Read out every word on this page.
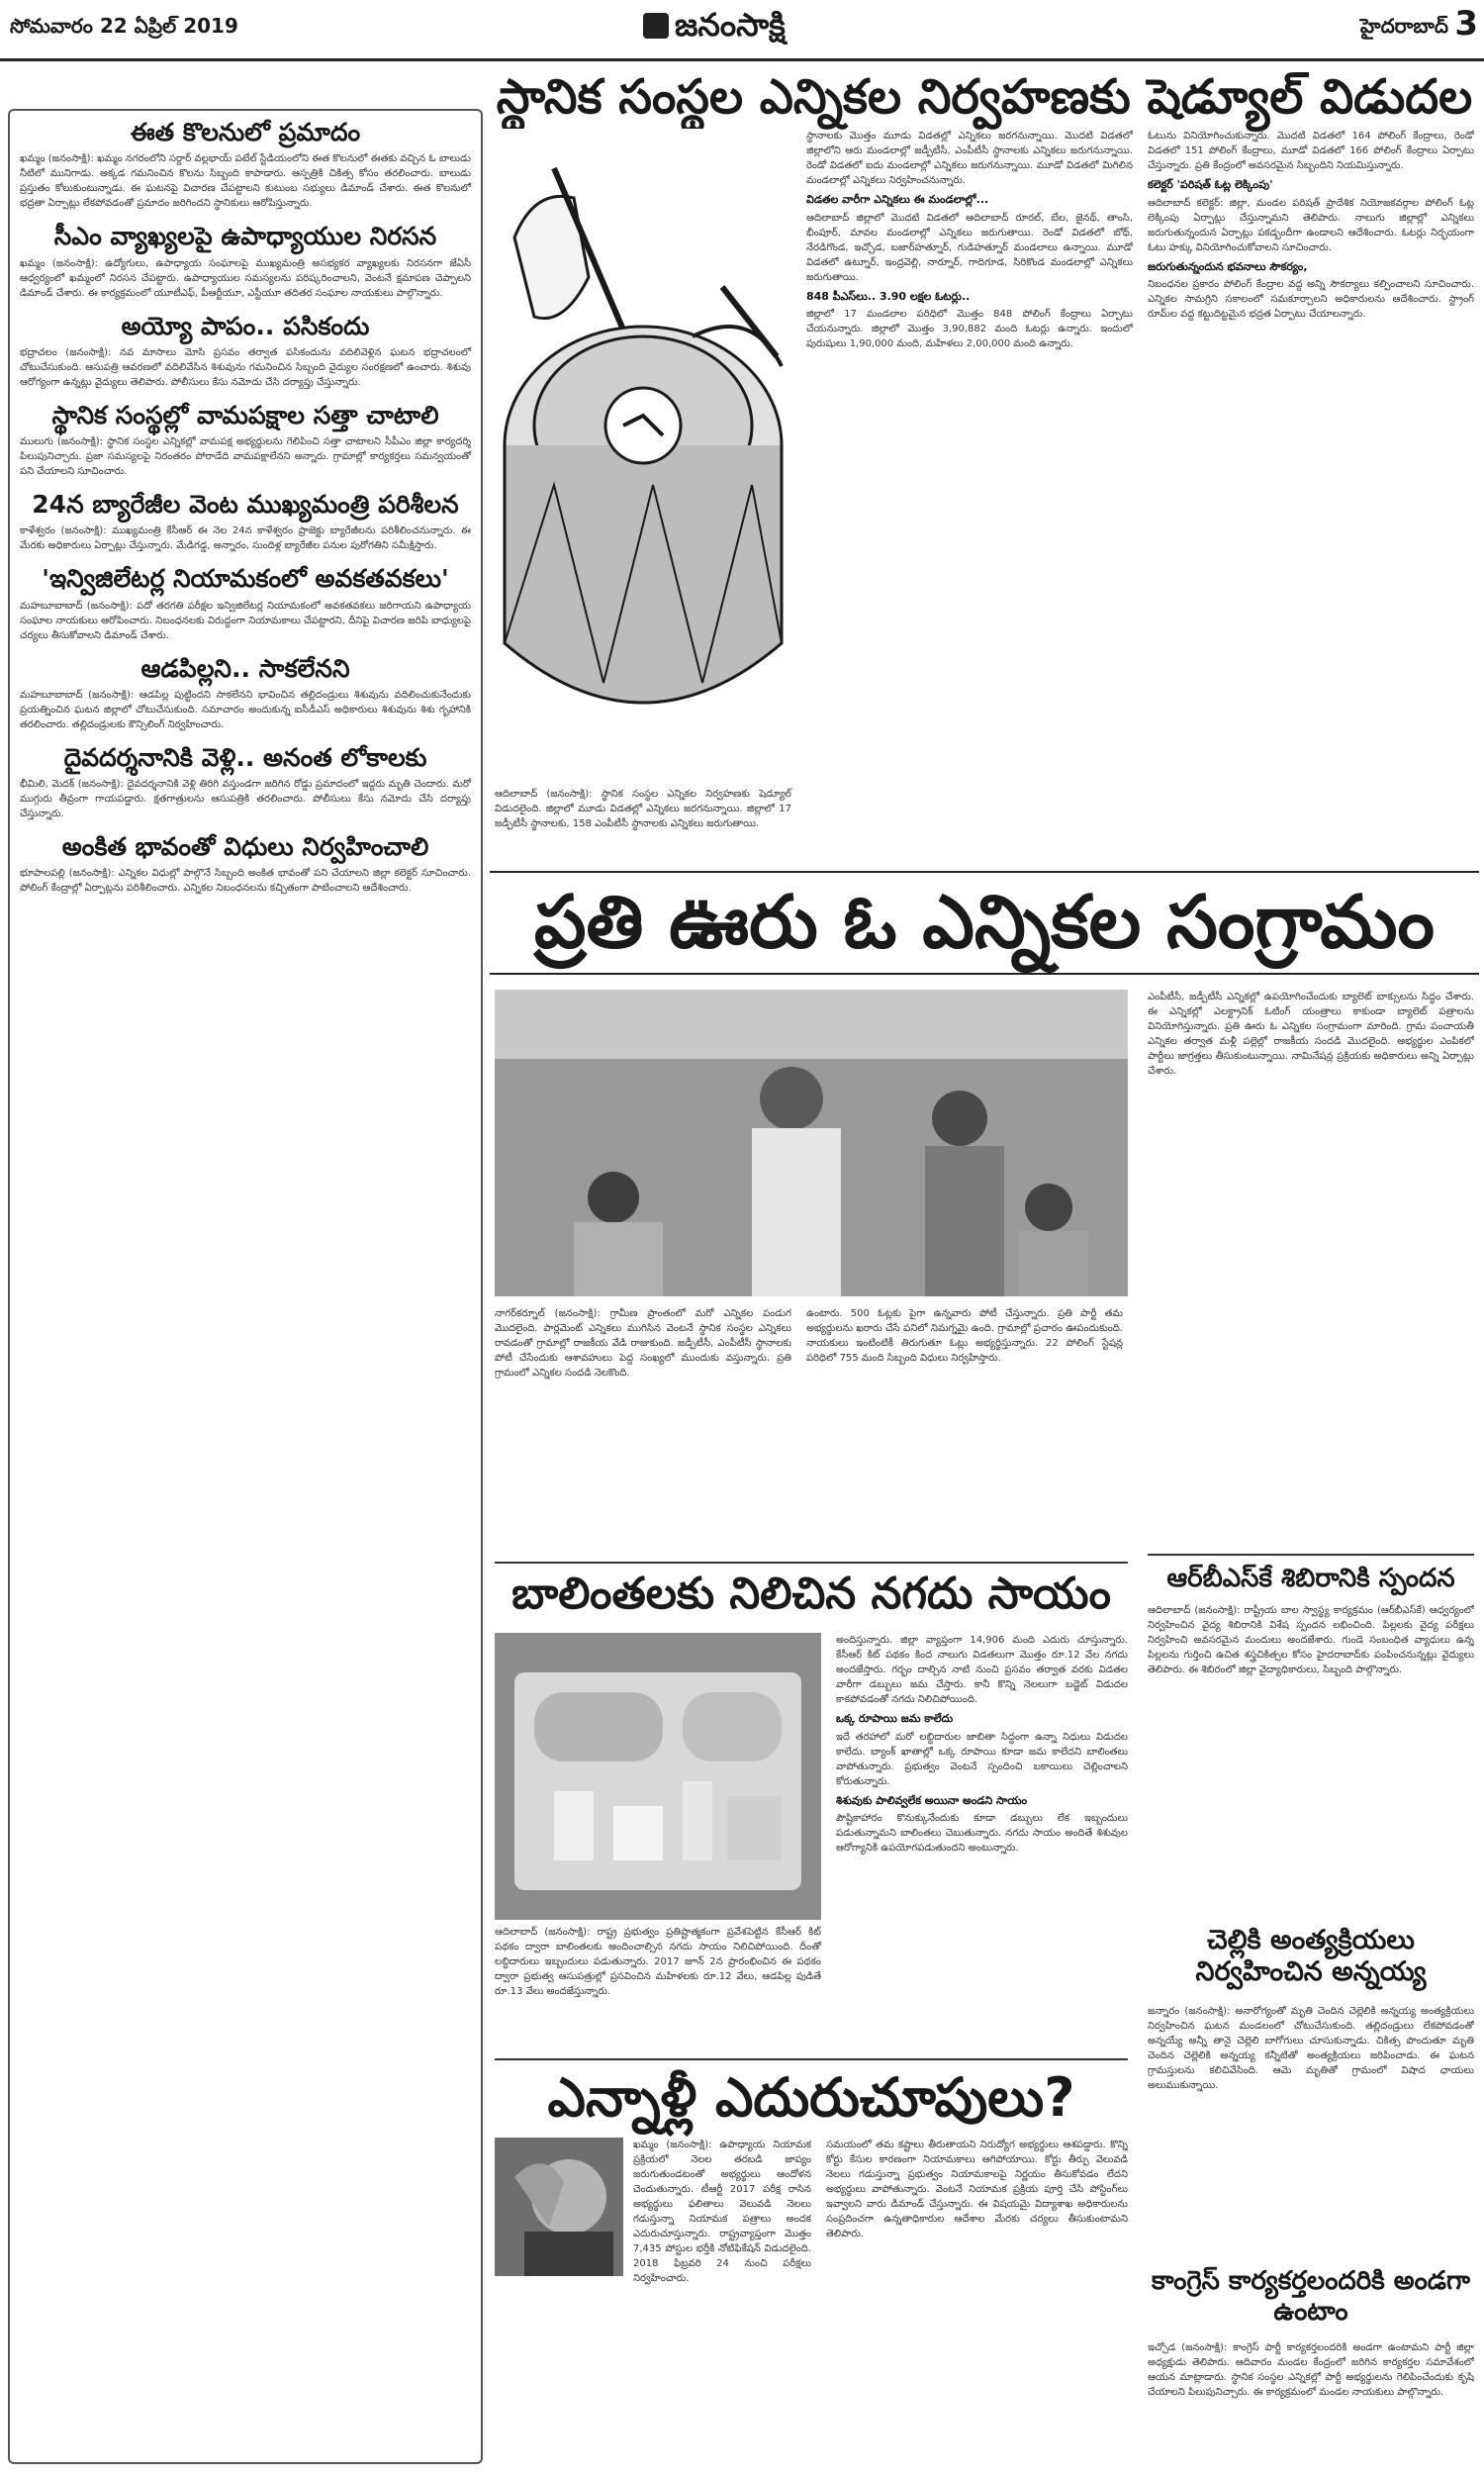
సోమవారం 22 ఏప్రిల్ 2019	జనంసాక్షి	హైదరాబాద్ 3
ఈత కొలనులో ప్రమాదం
ఖమ్మం (జనంసాక్షి): ఖమ్మం నగరంలోని సర్దార్ వల్లభాయ్ పటేల్ స్టేడియంలోని ఈత కొలనులో ఈతకు వచ్చిన ఓ బాలుడు నీటిలో మునిగాడు. అక్కడ గమనించిన కొలను సిబ్బంది కాపాడారు. ఆస్పత్రికి చికిత్స కోసం తరలించారు. బాలుడు ప్రస్తుతం కోలుకుంటున్నాడు. ఈ ఘటనపై విచారణ చేపట్టాలని కుటుంబ సభ్యులు డిమాండ్ చేశారు. ఈత కొలనులో భద్రతా ఏర్పాట్లు లేకపోవడంతో ప్రమాదం జరిగిందని స్థానికులు ఆరోపిస్తున్నారు.
సీఎం వ్యాఖ్యలపై ఉపాధ్యాయుల నిరసన
ఖమ్మం (జనంసాక్షి): ఉద్యోగులు, ఉపాధ్యాయ సంఘాలపై ముఖ్యమంత్రి అసభ్యకర వ్యాఖ్యలకు నిరసనగా జేఏసీ ఆధ్వర్యంలో ఖమ్మంలో నిరసన చేపట్టారు. ఉపాధ్యాయుల సమస్యలను పరిష్కరించాలని, వెంటనే క్షమాపణ చెప్పాలని డిమాండ్ చేశారు. ఈ కార్యక్రమంలో యూటీఎఫ్, పీఆర్టీయూ, ఎస్టీయూ తదితర సంఘాల నాయకులు పాల్గొన్నారు.
అయ్యో పాపం.. పసికందు
భద్రాచలం (జనంసాక్షి): నవ మాసాలు మోసి ప్రసవం తర్వాత పసికందును వదిలివెళ్లిన ఘటన భద్రాచలంలో చోటుచేసుకుంది. ఆసుపత్రి ఆవరణలో వదిలివేసిన శిశువును గమనించిన సిబ్బంది వైద్యుల సంరక్షణలో ఉంచారు. శిశువు ఆరోగ్యంగా ఉన్నట్లు వైద్యులు తెలిపారు. పోలీసులు కేసు నమోదు చేసి దర్యాప్తు చేస్తున్నారు.
స్థానిక సంస్థల్లో వామపక్షాల సత్తా చాటాలి
ములుగు (జనంసాక్షి): స్థానిక సంస్థల ఎన్నికల్లో వామపక్ష అభ్యర్థులను గెలిపించి సత్తా చాటాలని సీపీఎం జిల్లా కార్యదర్శి పిలుపునిచ్చారు. ప్రజా సమస్యలపై నిరంతరం పోరాడేది వామపక్షాలేనని అన్నారు. గ్రామాల్లో కార్యకర్తలు సమన్వయంతో పని చేయాలని సూచించారు.
24న బ్యారేజీల వెంట ముఖ్యమంత్రి పరిశీలన
కాళేశ్వరం (జనంసాక్షి): ముఖ్యమంత్రి కేసీఆర్ ఈ నెల 24న కాళేశ్వరం ప్రాజెక్టు బ్యారేజీలను పరిశీలించనున్నారు. ఈ మేరకు అధికారులు ఏర్పాట్లు చేస్తున్నారు. మేడిగడ్డ, అన్నారం, సుందిళ్ల బ్యారేజీల పనుల పురోగతిని సమీక్షిస్తారు.
'ఇన్విజిలేటర్ల నియామకంలో అవకతవకలు'
మహబూబాబాద్ (జనంసాక్షి): పదో తరగతి పరీక్షల ఇన్విజిలేటర్ల నియామకంలో అవకతవకలు జరిగాయని ఉపాధ్యాయ సంఘాల నాయకులు ఆరోపించారు. నిబంధనలకు విరుద్ధంగా నియామకాలు చేపట్టారని, దీనిపై విచారణ జరిపి బాధ్యులపై చర్యలు తీసుకోవాలని డిమాండ్ చేశారు.
ఆడపిల్లని.. సాకలేనని
మహబూబాబాద్ (జనంసాక్షి): ఆడపిల్ల పుట్టిందని సాకలేనని భావించిన తల్లిదండ్రులు శిశువును వదిలించుకునేందుకు ప్రయత్నించిన ఘటన జిల్లాలో చోటుచేసుకుంది. సమాచారం అందుకున్న ఐసీడీఎస్ అధికారులు శిశువును శిశు గృహానికి తరలించారు. తల్లిదండ్రులకు కౌన్సిలింగ్ నిర్వహించారు.
దైవదర్శనానికి వెళ్లి.. అనంత లోకాలకు
భీమిలి, మెదక్ (జనంసాక్షి): దైవదర్శనానికి వెళ్లి తిరిగి వస్తుండగా జరిగిన రోడ్డు ప్రమాదంలో ఇద్దరు మృతి చెందారు. మరో ముగ్గురు తీవ్రంగా గాయపడ్డారు. క్షతగాత్రులను ఆసుపత్రికి తరలించారు. పోలీసులు కేసు నమోదు చేసి దర్యాప్తు చేస్తున్నారు.
అంకిత భావంతో విధులు నిర్వహించాలి
భూపాలపల్లి (జనంసాక్షి): ఎన్నికల విధుల్లో పాల్గొనే సిబ్బంది అంకిత భావంతో పని చేయాలని జిల్లా కలెక్టర్ సూచించారు. పోలింగ్ కేంద్రాల్లో ఏర్పాట్లను పరిశీలించారు. ఎన్నికల నిబంధనలను కచ్చితంగా పాటించాలని ఆదేశించారు.
స్థానిక సంస్థల ఎన్నికల నిర్వహణకు షెడ్యూల్ విడుదల
ఆదిలాబాద్ (జనంసాక్షి): స్థానిక సంస్థల ఎన్నికల నిర్వహణకు షెడ్యూల్ విడుదలైంది. జిల్లాలో మూడు విడతల్లో ఎన్నికలు జరగనున్నాయి. జిల్లాలో 17 జడ్పీటీసీ స్థానాలకు, 158 ఎంపీటీసీ స్థానాలకు ఎన్నికలు జరుగుతాయి.
స్థానాలకు మొత్తం మూడు విడతల్లో ఎన్నికలు జరగనున్నాయి. మొదటి విడతలో జిల్లాలోని ఆరు మండలాల్లో జడ్పీటీసీ, ఎంపీటీసీ స్థానాలకు ఎన్నికలు జరుగనున్నాయి. రెండో విడతలో ఐదు మండలాల్లో ఎన్నికలు జరుగనున్నాయి. మూడో విడతలో మిగిలిన మండలాల్లో ఎన్నికలు నిర్వహించనున్నారు.
విడతల వారీగా ఎన్నికలు ఈ మండలాల్లో...
ఆదిలాబాద్ జిల్లాలో మొదటి విడతలో ఆదిలాబాద్ రూరల్, బేల, జైనథ్, తాంసి, భీంపూర్, మావల మండలాల్లో ఎన్నికలు జరుగుతాయి. రెండో విడతలో బోథ్, నేరడిగొండ, ఇచ్చోడ, బజార్‌హత్నూర్, గుడిహత్నూర్ మండలాలు ఉన్నాయి. మూడో విడతలో ఉట్నూర్, ఇంద్రవెల్లి, నార్నూర్, గాదిగూడ, సిరికొండ మండలాల్లో ఎన్నికలు జరుగుతాయి.
848 పీఎస్‌లు.. 3.90 లక్షల ఓటర్లు..
జిల్లాలో 17 మండలాల పరిధిలో మొత్తం 848 పోలింగ్ కేంద్రాలు ఏర్పాటు చేయనున్నారు. జిల్లాలో మొత్తం 3,90,882 మంది ఓటర్లు ఉన్నారు. ఇందులో పురుషులు 1,90,000 మంది, మహిళలు 2,00,000 మంది ఉన్నారు.
ఓటును వినియోగించుకున్నారు. మొదటి విడతలో 164 పోలింగ్ కేంద్రాలు, రెండో విడతలో 151 పోలింగ్ కేంద్రాలు, మూడో విడతలో 166 పోలింగ్ కేంద్రాలు ఏర్పాటు చేస్తున్నారు. ప్రతి కేంద్రంలో అవసరమైన సిబ్బందిని నియమిస్తున్నారు.
కలెక్టర్ 'పరిషత్ ఓట్ల లెక్కింపు'
ఆదిలాబాద్ కలెక్టర్: జిల్లా, మండల పరిషత్ ప్రాదేశిక నియోజకవర్గాల పోలింగ్ ఓట్ల లెక్కింపు ఏర్పాట్లు చేస్తున్నామని తెలిపారు. నాలుగు జిల్లాల్లో ఎన్నికలు జరుగుతున్నందున ఏర్పాట్లు పకడ్బందీగా ఉండాలని ఆదేశించారు. ఓటర్లు నిర్భయంగా ఓటు హక్కు వినియోగించుకోవాలని సూచించారు.
జరుగుతున్నందున భవనాలు సౌకర్యం,
నిబంధనల ప్రకారం పోలింగ్ కేంద్రాల వద్ద అన్ని సౌకర్యాలు కల్పించాలని సూచించారు. ఎన్నికల సామగ్రిని సకాలంలో సమకూర్చాలని అధికారులను ఆదేశించారు. స్ట్రాంగ్ రూమ్‌ల వద్ద కట్టుదిట్టమైన భద్రత ఏర్పాటు చేయాలన్నారు.
ప్రతి ఊరు ఓ ఎన్నికల సంగ్రామం
నాగర్‌కర్నూల్ (జనంసాక్షి): గ్రామీణ ప్రాంతంలో మరో ఎన్నికల పండుగ మొదలైంది. పార్లమెంట్ ఎన్నికలు ముగిసిన వెంటనే స్థానిక సంస్థల ఎన్నికలు రావడంతో గ్రామాల్లో రాజకీయ వేడి రాజుకుంది. జడ్పీటీసీ, ఎంపీటీసీ స్థానాలకు పోటీ చేసేందుకు ఆశావహులు పెద్ద సంఖ్యలో ముందుకు వస్తున్నారు. ప్రతి గ్రామంలో ఎన్నికల సందడి నెలకొంది.
ఉంటారు. 500 ఓట్లకు పైగా ఉన్నవారు పోటీ చేస్తున్నారు. ప్రతి పార్టీ తమ అభ్యర్థులను ఖరారు చేసే పనిలో నిమగ్నమై ఉంది. గ్రామాల్లో ప్రచారం ఊపందుకుంది. నాయకులు ఇంటింటికీ తిరుగుతూ ఓట్లు అభ్యర్థిస్తున్నారు. 22 పోలింగ్ స్టేషన్ల పరిధిలో 755 మంది సిబ్బంది విధులు నిర్వహిస్తారు.
ఎంపీటీసీ, జడ్పీటీసీ ఎన్నికల్లో ఉపయోగించేందుకు బ్యాలెట్ బాక్సులను సిద్ధం చేశారు. ఈ ఎన్నికల్లో ఎలక్ట్రానిక్ ఓటింగ్ యంత్రాలు కాకుండా బ్యాలెట్ పత్రాలను వినియోగిస్తున్నారు. ప్రతి ఊరు ఓ ఎన్నికల సంగ్రామంగా మారింది. గ్రామ పంచాయతీ ఎన్నికల తర్వాత మళ్లీ పల్లెల్లో రాజకీయ సందడి మొదలైంది. అభ్యర్థుల ఎంపికలో పార్టీలు జాగ్రత్తలు తీసుకుంటున్నాయి. నామినేషన్ల ప్రక్రియకు అధికారులు అన్ని ఏర్పాట్లు చేశారు.
బాలింతలకు నిలిచిన నగదు సాయం
ఆదిలాబాద్ (జనంసాక్షి): రాష్ట్ర ప్రభుత్వం ప్రతిష్టాత్మకంగా ప్రవేశపెట్టిన కేసీఆర్ కిట్ పథకం ద్వారా బాలింతలకు అందించాల్సిన నగదు సాయం నిలిచిపోయింది. దీంతో లబ్ధిదారులు ఇబ్బందులు పడుతున్నారు. 2017 జూన్ 2న ప్రారంభించిన ఈ పథకం ద్వారా ప్రభుత్వ ఆసుపత్రుల్లో ప్రసవించిన మహిళలకు రూ.12 వేలు, ఆడపిల్ల పుడితే రూ.13 వేలు అందజేస్తున్నారు.
అందిస్తున్నారు. జిల్లా వ్యాప్తంగా 14,906 మంది ఎదురు చూస్తున్నారు. కేసీఆర్ కిట్ పథకం కింద నాలుగు విడతలుగా మొత్తం రూ.12 వేల నగదు అందజేస్తారు. గర్భం దాల్చిన నాటి నుంచి ప్రసవం తర్వాత వరకు విడతల వారీగా డబ్బులు జమ చేస్తారు. కానీ కొన్ని నెలలుగా బడ్జెట్ విడుదల కాకపోవడంతో నగదు నిలిచిపోయింది.
ఒక్క రూపాయి జమ కాలేదు
ఇదే తరహాలో మరో లబ్ధిదారుల జాబితా సిద్ధంగా ఉన్నా నిధులు విడుదల కాలేదు. బ్యాంక్ ఖాతాల్లో ఒక్క రూపాయి కూడా జమ కాలేదని బాలింతలు వాపోతున్నారు. ప్రభుత్వం వెంటనే స్పందించి బకాయిలు చెల్లించాలని కోరుతున్నారు.
శిశువుకు పాలివ్వలేక అయినా అండని సాయం
పౌష్టికాహారం కొనుక్కునేందుకు కూడా డబ్బులు లేక ఇబ్బందులు పడుతున్నామని బాలింతలు చెబుతున్నారు. నగదు సాయం అందితే శిశువుల ఆరోగ్యానికి ఉపయోగపడుతుందని అంటున్నారు.
ఎన్నాళ్లీ ఎదురుచూపులు?
ఖమ్మం (జనంసాక్షి): ఉపాధ్యాయ నియామక ప్రక్రియలో నెలల తరబడి జాప్యం జరుగుతుండటంతో అభ్యర్థులు ఆందోళన చెందుతున్నారు. టీఆర్టీ 2017 పరీక్ష రాసిన అభ్యర్థులు ఫలితాలు వెలువడి నెలలు గడుస్తున్నా నియామక పత్రాలు అందక ఎదురుచూస్తున్నారు. రాష్ట్రవ్యాప్తంగా మొత్తం 7,435 పోస్టుల భర్తీకి నోటిఫికేషన్ విడుదలైంది. 2018 ఫిబ్రవరి 24 నుంచి పరీక్షలు నిర్వహించారు.
సమయంలో తమ కష్టాలు తీరుతాయని నిరుద్యోగ అభ్యర్థులు ఆశపడ్డారు. కొన్ని కోర్టు కేసుల కారణంగా నియామకాలు ఆగిపోయాయి. కోర్టు తీర్పు వెలువడి నెలలు గడుస్తున్నా ప్రభుత్వం నియామకాలపై నిర్ణయం తీసుకోవడం లేదని అభ్యర్థులు వాపోతున్నారు. వెంటనే నియామక ప్రక్రియ పూర్తి చేసి పోస్టింగ్‌లు ఇవ్వాలని వారు డిమాండ్ చేస్తున్నారు. ఈ విషయమై విద్యాశాఖ అధికారులను సంప్రదించగా ఉన్నతాధికారుల ఆదేశాల మేరకు చర్యలు తీసుకుంటామని తెలిపారు.
ఆర్‌బీఎస్‌కే శిబిరానికి స్పందన
ఆదిలాబాద్ (జనంసాక్షి): రాష్ట్రీయ బాల స్వాస్థ్య కార్యక్రమం (ఆర్‌బీఎస్‌కే) ఆధ్వర్యంలో నిర్వహించిన వైద్య శిబిరానికి విశేష స్పందన లభించింది. పిల్లలకు వైద్య పరీక్షలు నిర్వహించి అవసరమైన మందులు అందజేశారు. గుండె సంబంధిత వ్యాధులు ఉన్న పిల్లలను గుర్తించి ఉచిత శస్త్రచికిత్సల కోసం హైదరాబాద్‌కు పంపించనున్నట్లు వైద్యులు తెలిపారు. ఈ శిబిరంలో జిల్లా వైద్యాధికారులు, సిబ్బంది పాల్గొన్నారు.
చెల్లికి అంత్యక్రియలు నిర్వహించిన అన్నయ్య
జన్నారం (జనంసాక్షి): అనారోగ్యంతో మృతి చెందిన చెల్లెలికి అన్నయ్య అంత్యక్రియలు నిర్వహించిన ఘటన మండలంలో చోటుచేసుకుంది. తల్లిదండ్రులు లేకపోవడంతో అన్నయ్యే అన్నీ తానై చెల్లెలి బాగోగులు చూసుకున్నాడు. చికిత్స పొందుతూ మృతి చెందిన చెల్లెలికి అన్నయ్య కన్నీటితో అంత్యక్రియలు జరిపించాడు. ఈ ఘటన గ్రామస్తులను కలిచివేసింది. ఆమె మృతితో గ్రామంలో విషాద ఛాయలు అలుముకున్నాయి.
కాంగ్రెస్ కార్యకర్తలందరికి అండగా ఉంటాం
ఇచ్చోడ (జనంసాక్షి): కాంగ్రెస్ పార్టీ కార్యకర్తలందరికి అండగా ఉంటామని పార్టీ జిల్లా అధ్యక్షుడు తెలిపారు. ఆదివారం మండల కేంద్రంలో జరిగిన కార్యకర్తల సమావేశంలో ఆయన మాట్లాడారు. స్థానిక సంస్థల ఎన్నికల్లో పార్టీ అభ్యర్థులను గెలిపించేందుకు కృషి చేయాలని పిలుపునిచ్చారు. ఈ కార్యక్రమంలో మండల నాయకులు పాల్గొన్నారు.
